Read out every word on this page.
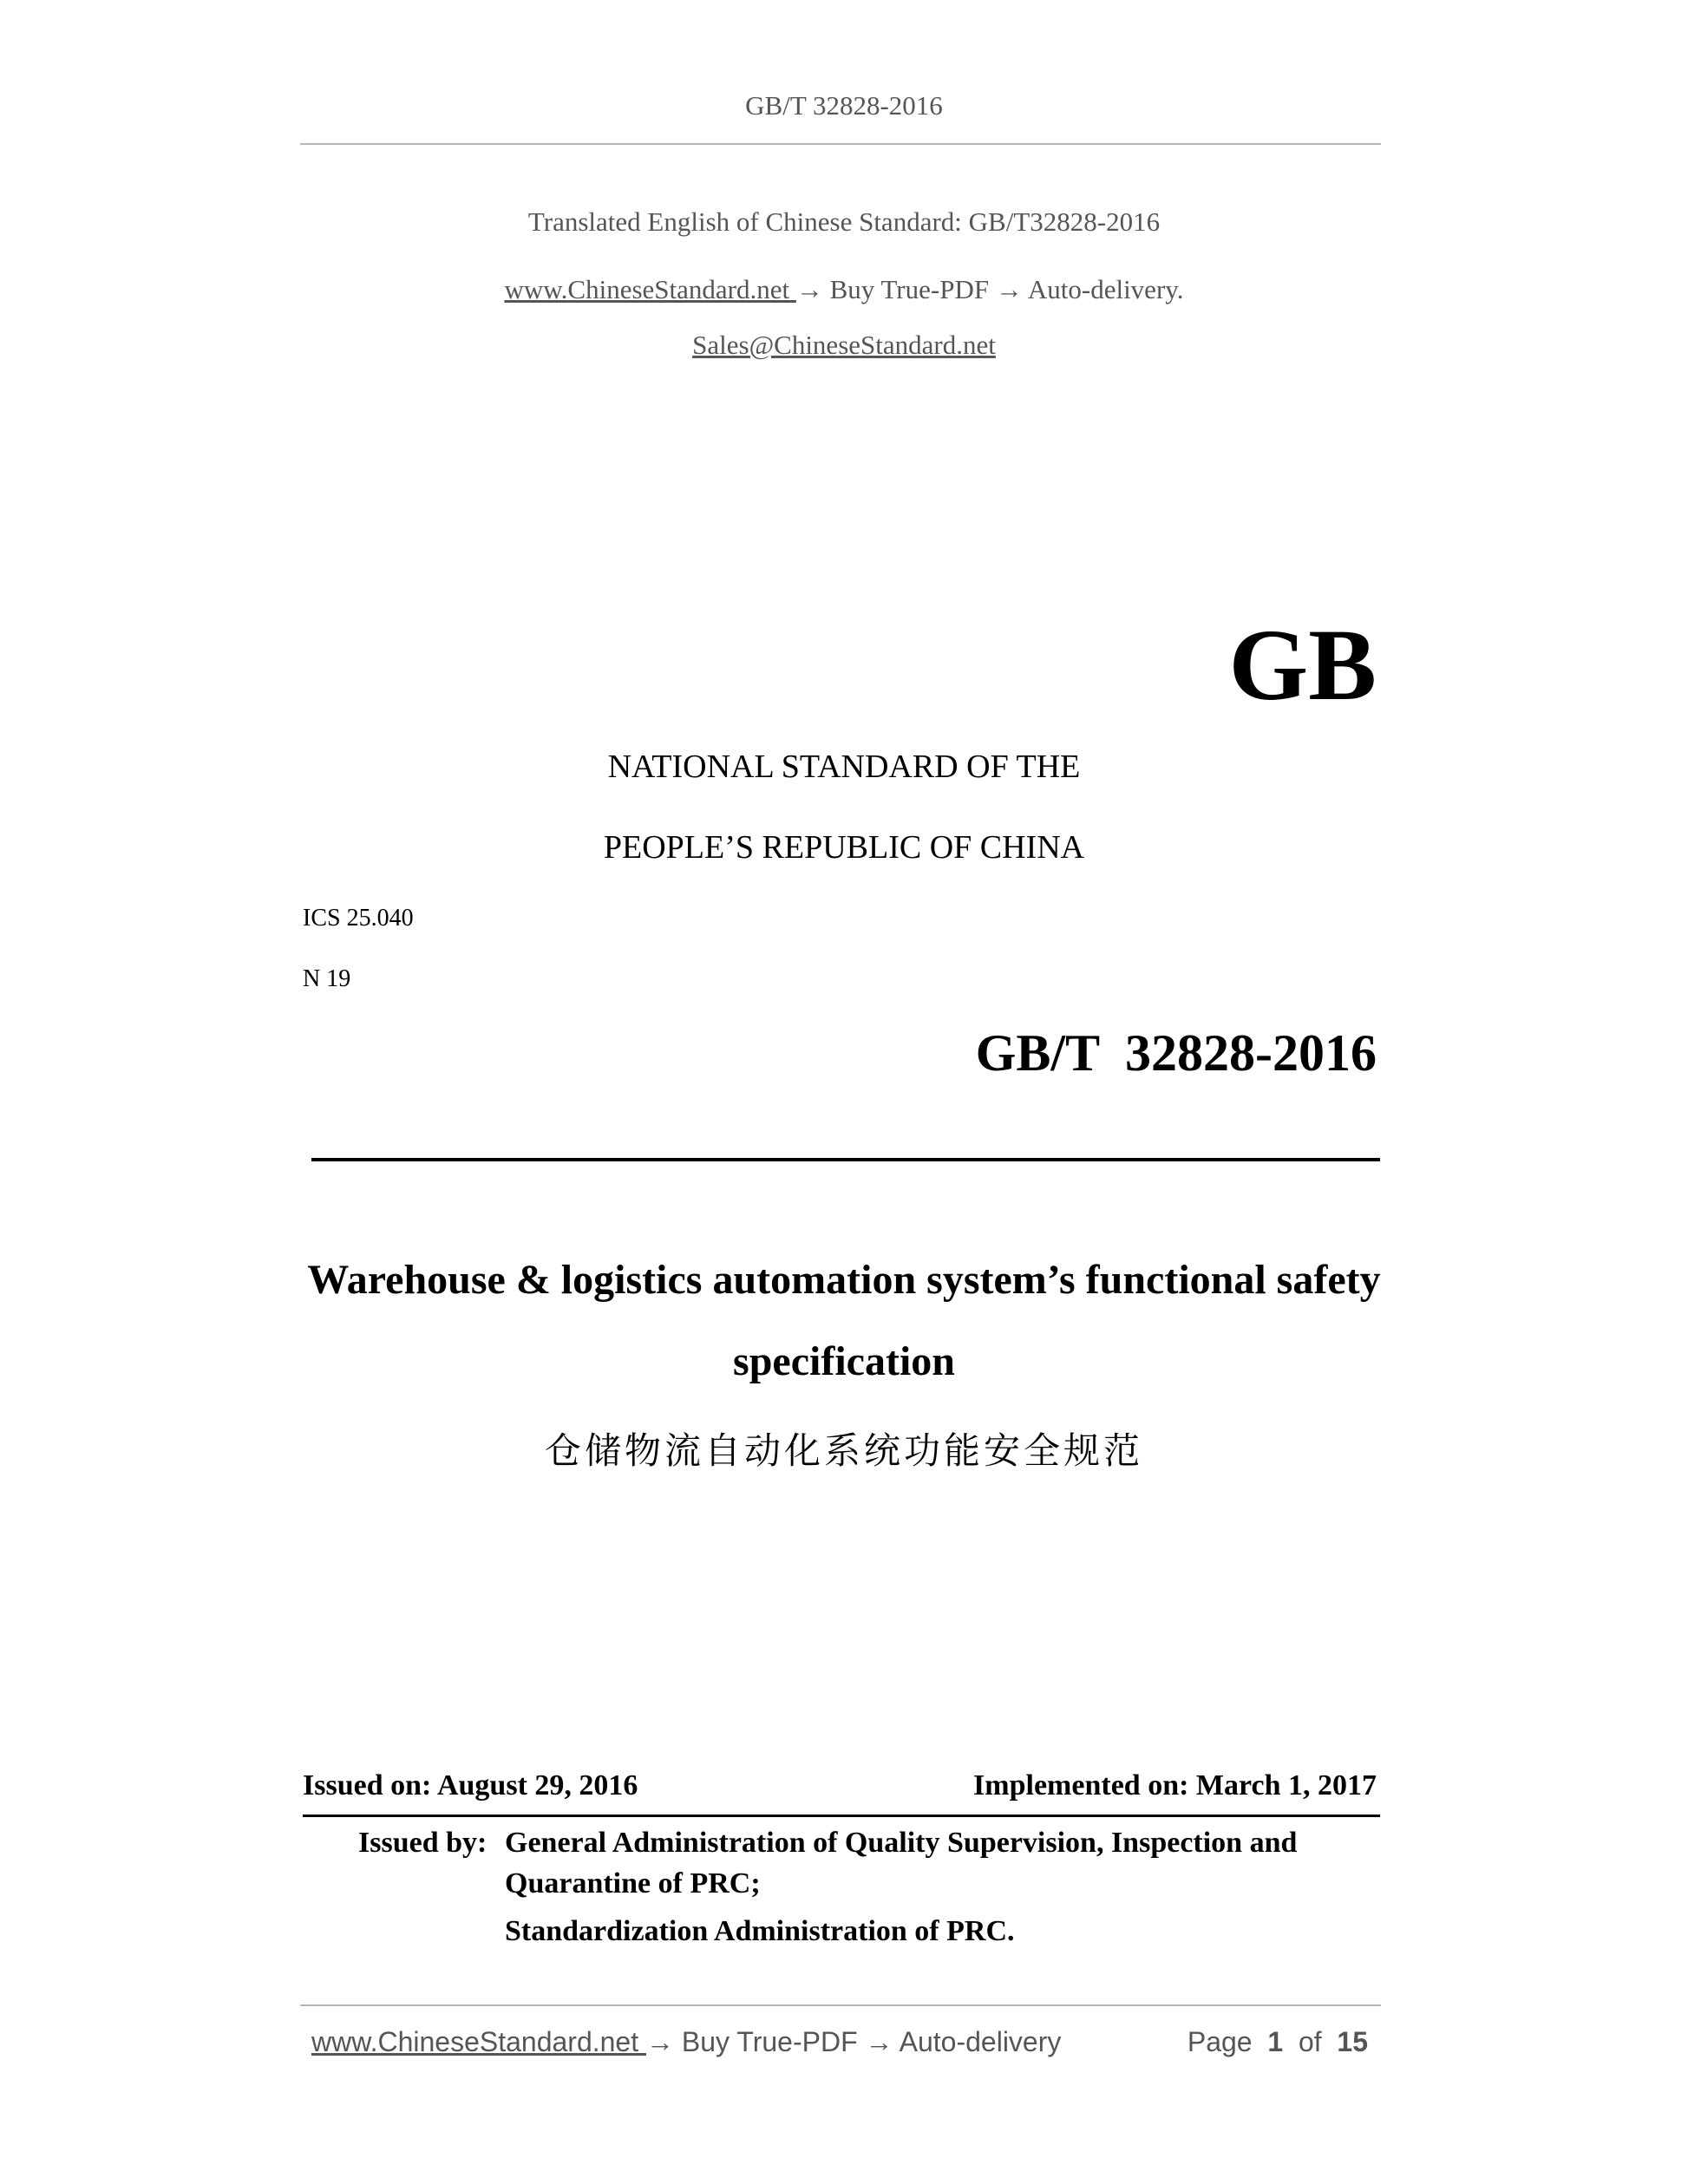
GB/T 32828-2016
Translated English of Chinese Standard: GB/T32828-2016
www.ChineseStandard.net → Buy True-PDF → Auto-delivery.
Sales@ChineseStandard.net
GB
NATIONAL STANDARD OF THE
PEOPLE’S REPUBLIC OF CHINA
ICS 25.040
N 19
GB/T  32828-2016
Warehouse & logistics automation system’s functional safety
specification
仓储物流自动化系统功能安全规范
Issued on: August 29, 2016	Implemented on: March 1, 2017
Issued by: General Administration of Quality Supervision, Inspection and
Quarantine of PRC;
Standardization Administration of PRC.
www.ChineseStandard.net → Buy True-PDF → Auto-delivery	Page 1 of 15
